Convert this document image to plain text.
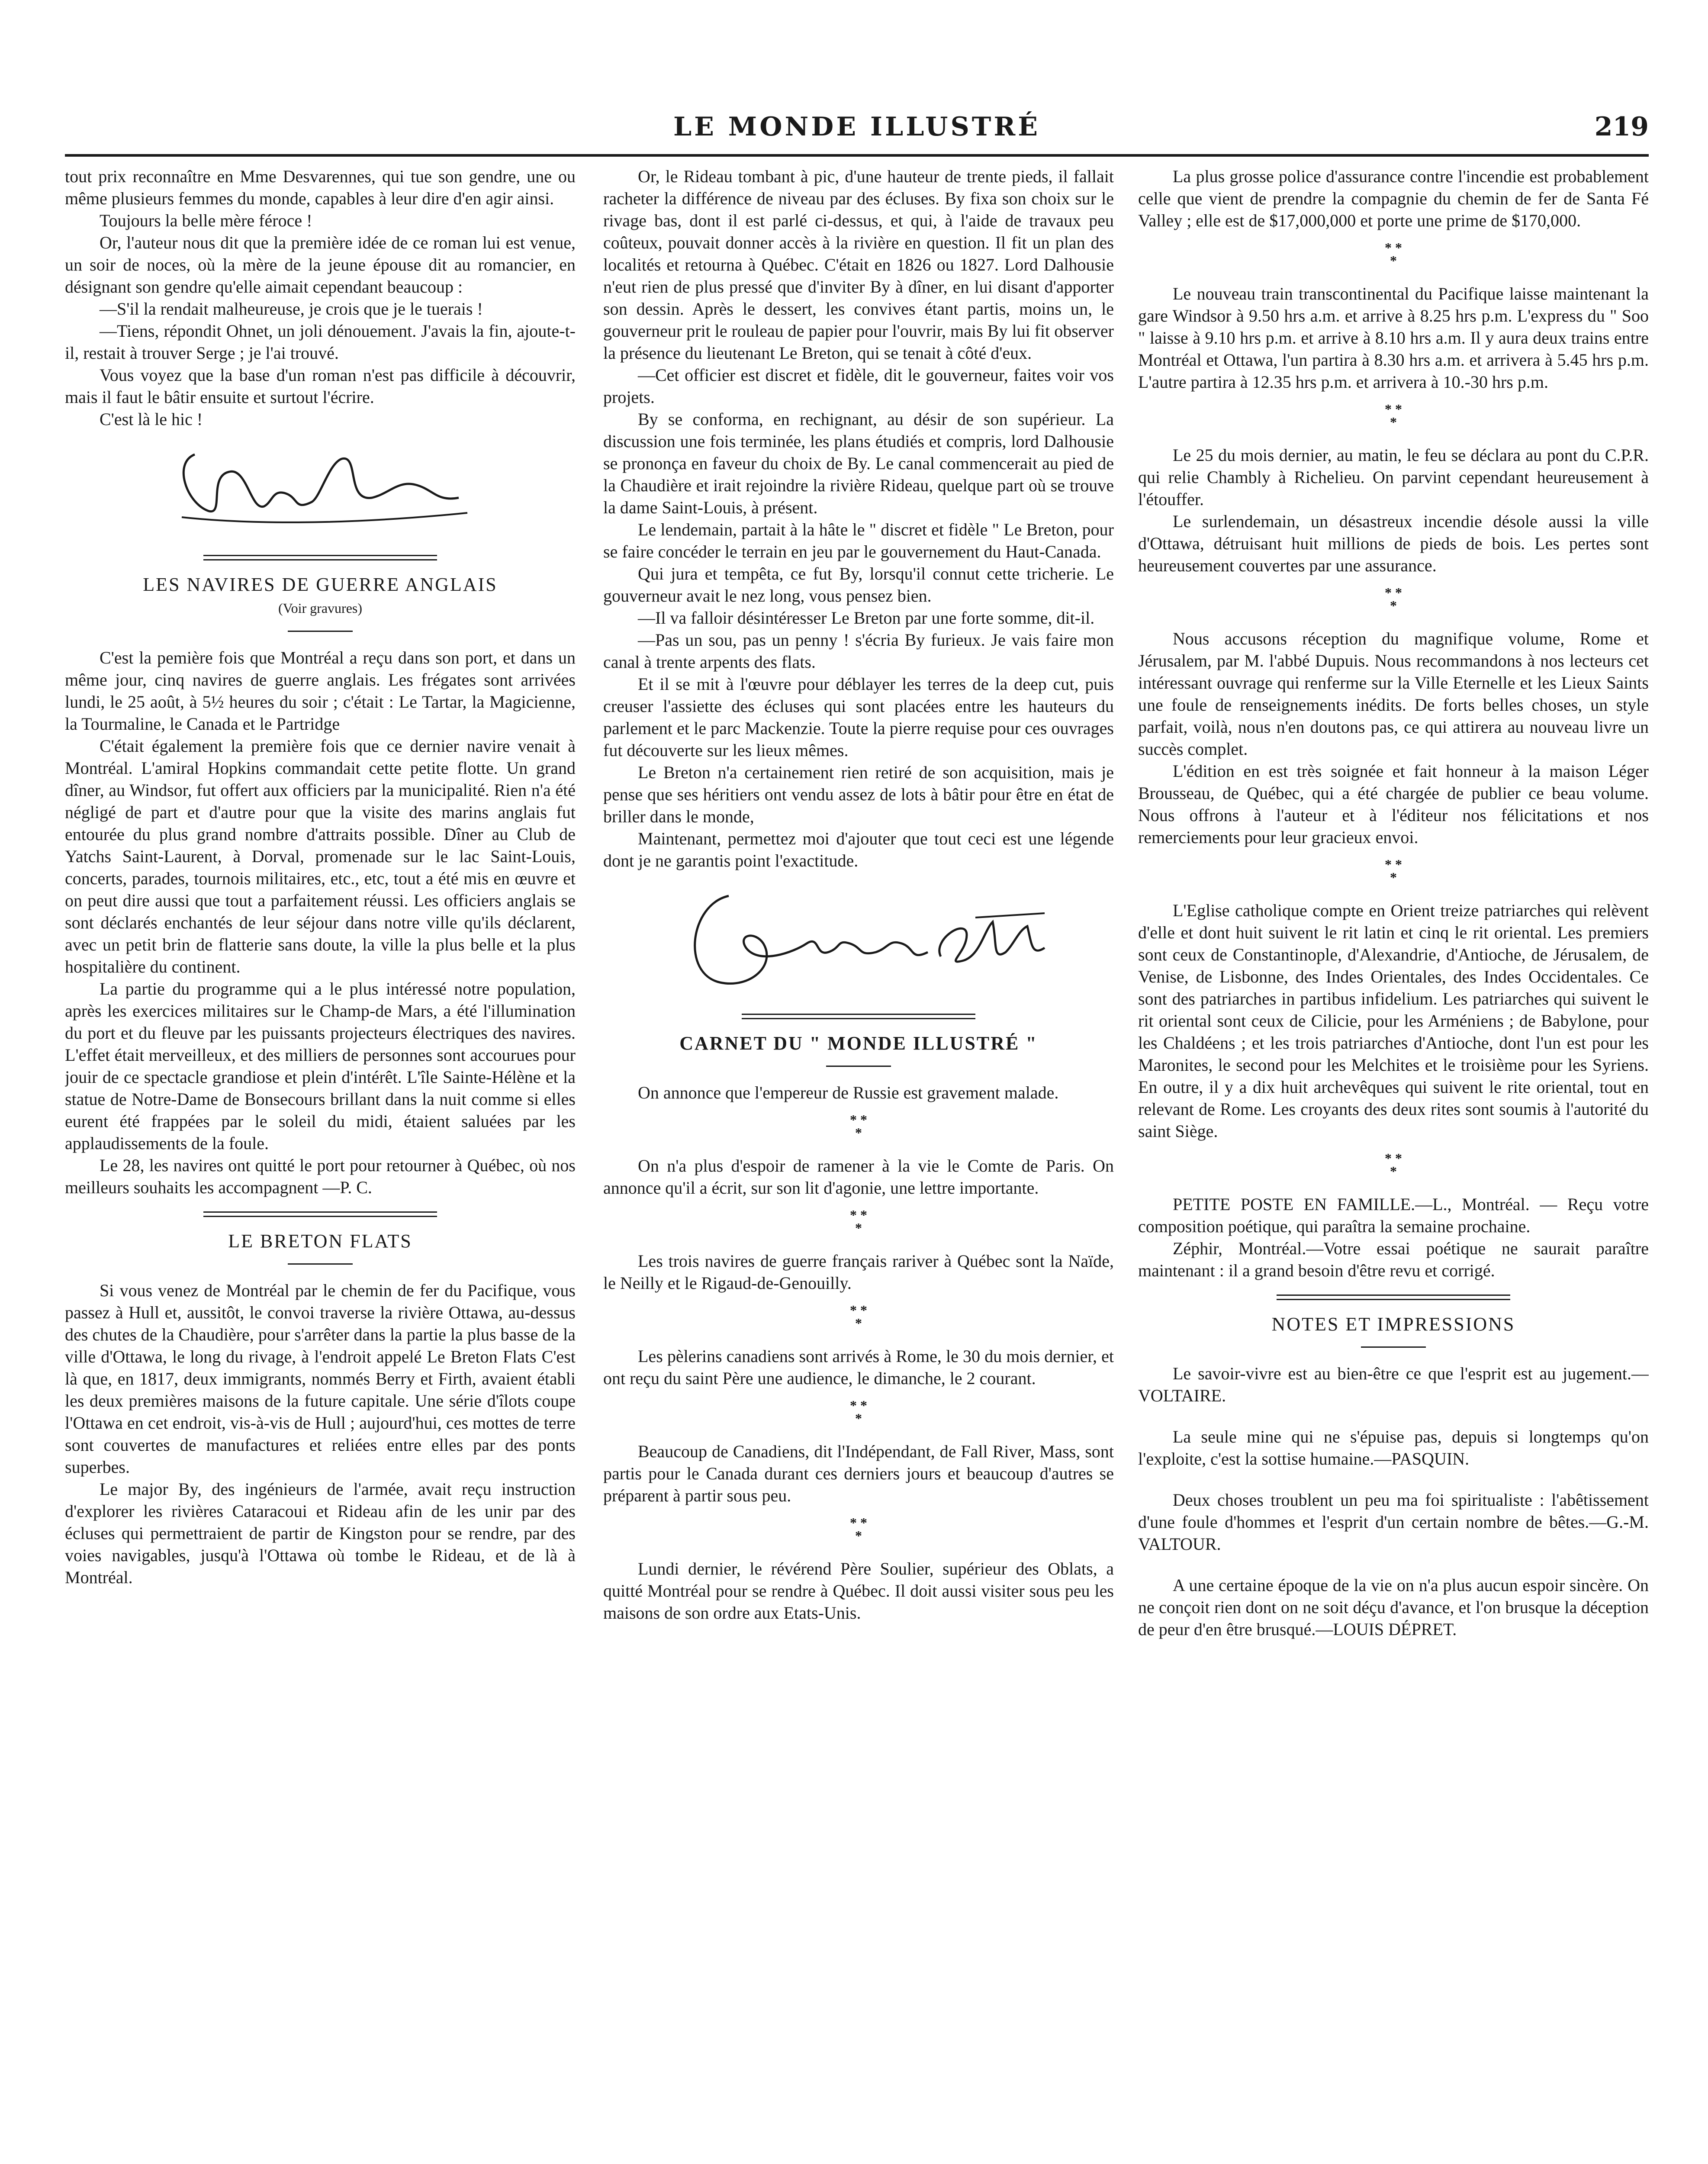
LE MONDE ILLUSTRÉ	219

tout prix reconnaître en Mme Desvarennes, qui tue son gendre, une ou même plusieurs femmes du monde, capables à leur dire d'en agir ainsi.

Toujours la belle mère féroce !

Or, l'auteur nous dit que la première idée de ce roman lui est venue, un soir de noces, où la mère de la jeune épouse dit au romancier, en désignant son gendre qu'elle aimait cependant beaucoup :

—S'il la rendait malheureuse, je crois que je le tuerais !

—Tiens, répondit Ohnet, un joli dénouement. J'avais la fin, ajoute-t-il, restait à trouver Serge ; je l'ai trouvé.

Vous voyez que la base d'un roman n'est pas difficile à découvrir, mais il faut le bâtir ensuite et surtout l'écrire.

C'est là le hic !

LES NAVIRES DE GUERRE ANGLAIS
(Voir gravures)

C'est la pemière fois que Montréal a reçu dans son port, et dans un même jour, cinq navires de guerre anglais. Les frégates sont arrivées lundi, le 25 août, à 5½ heures du soir ; c'était : Le Tartar, la Magicienne, la Tourmaline, le Canada et le Partridge

C'était également la première fois que ce dernier navire venait à Montréal. L'amiral Hopkins commandait cette petite flotte. Un grand dîner, au Windsor, fut offert aux officiers par la municipalité. Rien n'a été négligé de part et d'autre pour que la visite des marins anglais fut entourée du plus grand nombre d'attraits possible. Dîner au Club de Yatchs Saint-Laurent, à Dorval, promenade sur le lac Saint-Louis, concerts, parades, tournois militaires, etc., etc, tout a été mis en œuvre et on peut dire aussi que tout a parfaitement réussi. Les officiers anglais se sont déclarés enchantés de leur séjour dans notre ville qu'ils déclarent, avec un petit brin de flatterie sans doute, la ville la plus belle et la plus hospitalière du continent.

La partie du programme qui a le plus intéressé notre population, après les exercices militaires sur le Champ-de Mars, a été l'illumination du port et du fleuve par les puissants projecteurs électriques des navires. L'effet était merveilleux, et des milliers de personnes sont accourues pour jouir de ce spectacle grandiose et plein d'intérêt. L'île Sainte-Hélène et la statue de Notre-Dame de Bonsecours brillant dans la nuit comme si elles eurent été frappées par le soleil du midi, étaient saluées par les applaudissements de la foule.

Le 28, les navires ont quitté le port pour retourner à Québec, où nos meilleurs souhaits les accompagnent —P. C.

LE BRETON FLATS

Si vous venez de Montréal par le chemin de fer du Pacifique, vous passez à Hull et, aussitôt, le convoi traverse la rivière Ottawa, au-dessus des chutes de la Chaudière, pour s'arrêter dans la partie la plus basse de la ville d'Ottawa, le long du rivage, à l'endroit appelé Le Breton Flats C'est là que, en 1817, deux immigrants, nommés Berry et Firth, avaient établi les deux premières maisons de la future capitale. Une série d'îlots coupe l'Ottawa en cet endroit, vis-à-vis de Hull ; aujourd'hui, ces mottes de terre sont couvertes de manufactures et reliées entre elles par des ponts superbes.

Le major By, des ingénieurs de l'armée, avait reçu instruction d'explorer les rivières Cataracoui et Rideau afin de les unir par des écluses qui permettraient de partir de Kingston pour se rendre, par des voies navigables, jusqu'à l'Ottawa où tombe le Rideau, et de là à Montréal.

Or, le Rideau tombant à pic, d'une hauteur de trente pieds, il fallait racheter la différence de niveau par des écluses. By fixa son choix sur le rivage bas, dont il est parlé ci-dessus, et qui, à l'aide de travaux peu coûteux, pouvait donner accès à la rivière en question. Il fit un plan des localités et retourna à Québec. C'était en 1826 ou 1827. Lord Dalhousie n'eut rien de plus pressé que d'inviter By à dîner, en lui disant d'apporter son dessin. Après le dessert, les convives étant partis, moins un, le gouverneur prit le rouleau de papier pour l'ouvrir, mais By lui fit observer la présence du lieutenant Le Breton, qui se tenait à côté d'eux.

—Cet officier est discret et fidèle, dit le gouverneur, faites voir vos projets.

By se conforma, en rechignant, au désir de son supérieur. La discussion une fois terminée, les plans étudiés et compris, lord Dalhousie se prononça en faveur du choix de By. Le canal commencerait au pied de la Chaudière et irait rejoindre la rivière Rideau, quelque part où se trouve la dame Saint-Louis, à présent.

Le lendemain, partait à la hâte le " discret et fidèle " Le Breton, pour se faire concéder le terrain en jeu par le gouvernement du Haut-Canada.

Qui jura et tempêta, ce fut By, lorsqu'il connut cette tricherie. Le gouverneur avait le nez long, vous pensez bien.

—Il va falloir désintéresser Le Breton par une forte somme, dit-il.

—Pas un sou, pas un penny ! s'écria By furieux. Je vais faire mon canal à trente arpents des flats.

Et il se mit à l'œuvre pour déblayer les terres de la deep cut, puis creuser l'assiette des écluses qui sont placées entre les hauteurs du parlement et le parc Mackenzie. Toute la pierre requise pour ces ouvrages fut découverte sur les lieux mêmes.

Le Breton n'a certainement rien retiré de son acquisition, mais je pense que ses héritiers ont vendu assez de lots à bâtir pour être en état de briller dans le monde,

Maintenant, permettez moi d'ajouter que tout ceci est une légende dont je ne garantis point l'exactitude.

CARNET DU " MONDE ILLUSTRÉ "

On annonce que l'empereur de Russie est gravement malade.

* *
*

On n'a plus d'espoir de ramener à la vie le Comte de Paris. On annonce qu'il a écrit, sur son lit d'agonie, une lettre importante.

* *
*

Les trois navires de guerre français rariver à Québec sont la Naïde, le Neilly et le Rigaud-de-Genouilly.

* *
*

Les pèlerins canadiens sont arrivés à Rome, le 30 du mois dernier, et ont reçu du saint Père une audience, le dimanche, le 2 courant.

* *
*

Beaucoup de Canadiens, dit l'Indépendant, de Fall River, Mass, sont partis pour le Canada durant ces derniers jours et beaucoup d'autres se préparent à partir sous peu.

* *
*

Lundi dernier, le révérend Père Soulier, supérieur des Oblats, a quitté Montréal pour se rendre à Québec. Il doit aussi visiter sous peu les maisons de son ordre aux Etats-Unis.

La plus grosse police d'assurance contre l'incendie est probablement celle que vient de prendre la compagnie du chemin de fer de Santa Fé Valley ; elle est de $17,000,000 et porte une prime de $170,000.

* *
*

Le nouveau train transcontinental du Pacifique laisse maintenant la gare Windsor à 9.50 hrs a.m. et arrive à 8.25 hrs p.m. L'express du " Soo " laisse à 9.10 hrs p.m. et arrive à 8.10 hrs a.m. Il y aura deux trains entre Montréal et Ottawa, l'un partira à 8.30 hrs a.m. et arrivera à 5.45 hrs p.m. L'autre partira à 12.35 hrs p.m. et arrivera à 10.-30 hrs p.m.

* *
*

Le 25 du mois dernier, au matin, le feu se déclara au pont du C.P.R. qui relie Chambly à Richelieu. On parvint cependant heureusement à l'étouffer.

Le surlendemain, un désastreux incendie désole aussi la ville d'Ottawa, détruisant huit millions de pieds de bois. Les pertes sont heureusement couvertes par une assurance.

* *
*

Nous accusons réception du magnifique volume, Rome et Jérusalem, par M. l'abbé Dupuis. Nous recommandons à nos lecteurs cet intéressant ouvrage qui renferme sur la Ville Eternelle et les Lieux Saints une foule de renseignements inédits. De forts belles choses, un style parfait, voilà, nous n'en doutons pas, ce qui attirera au nouveau livre un succès complet.

L'édition en est très soignée et fait honneur à la maison Léger Brousseau, de Québec, qui a été chargée de publier ce beau volume. Nous offrons à l'auteur et à l'éditeur nos félicitations et nos remerciements pour leur gracieux envoi.

* *
*

L'Eglise catholique compte en Orient treize patriarches qui relèvent d'elle et dont huit suivent le rit latin et cinq le rit oriental. Les premiers sont ceux de Constantinople, d'Alexandrie, d'Antioche, de Jérusalem, de Venise, de Lisbonne, des Indes Orientales, des Indes Occidentales. Ce sont des patriarches in partibus infidelium. Les patriarches qui suivent le rit oriental sont ceux de Cilicie, pour les Arméniens ; de Babylone, pour les Chaldéens ; et les trois patriarches d'Antioche, dont l'un est pour les Maronites, le second pour les Melchites et le troisième pour les Syriens. En outre, il y a dix huit archevêques qui suivent le rite oriental, tout en relevant de Rome. Les croyants des deux rites sont soumis à l'autorité du saint Siège.

* *
*

PETITE POSTE EN FAMILLE.—L., Montréal. — Reçu votre composition poétique, qui paraîtra la semaine prochaine.

Zéphir, Montréal.—Votre essai poétique ne saurait paraître maintenant : il a grand besoin d'être revu et corrigé.

NOTES ET IMPRESSIONS

Le savoir-vivre est au bien-être ce que l'esprit est au jugement.—VOLTAIRE.

La seule mine qui ne s'épuise pas, depuis si longtemps qu'on l'exploite, c'est la sottise humaine.—PASQUIN.

Deux choses troublent un peu ma foi spiritualiste : l'abêtissement d'une foule d'hommes et l'esprit d'un certain nombre de bêtes.—G.-M. VALTOUR.

A une certaine époque de la vie on n'a plus aucun espoir sincère. On ne conçoit rien dont on ne soit déçu d'avance, et l'on brusque la déception de peur d'en être brusqué.—LOUIS DÉPRET.
